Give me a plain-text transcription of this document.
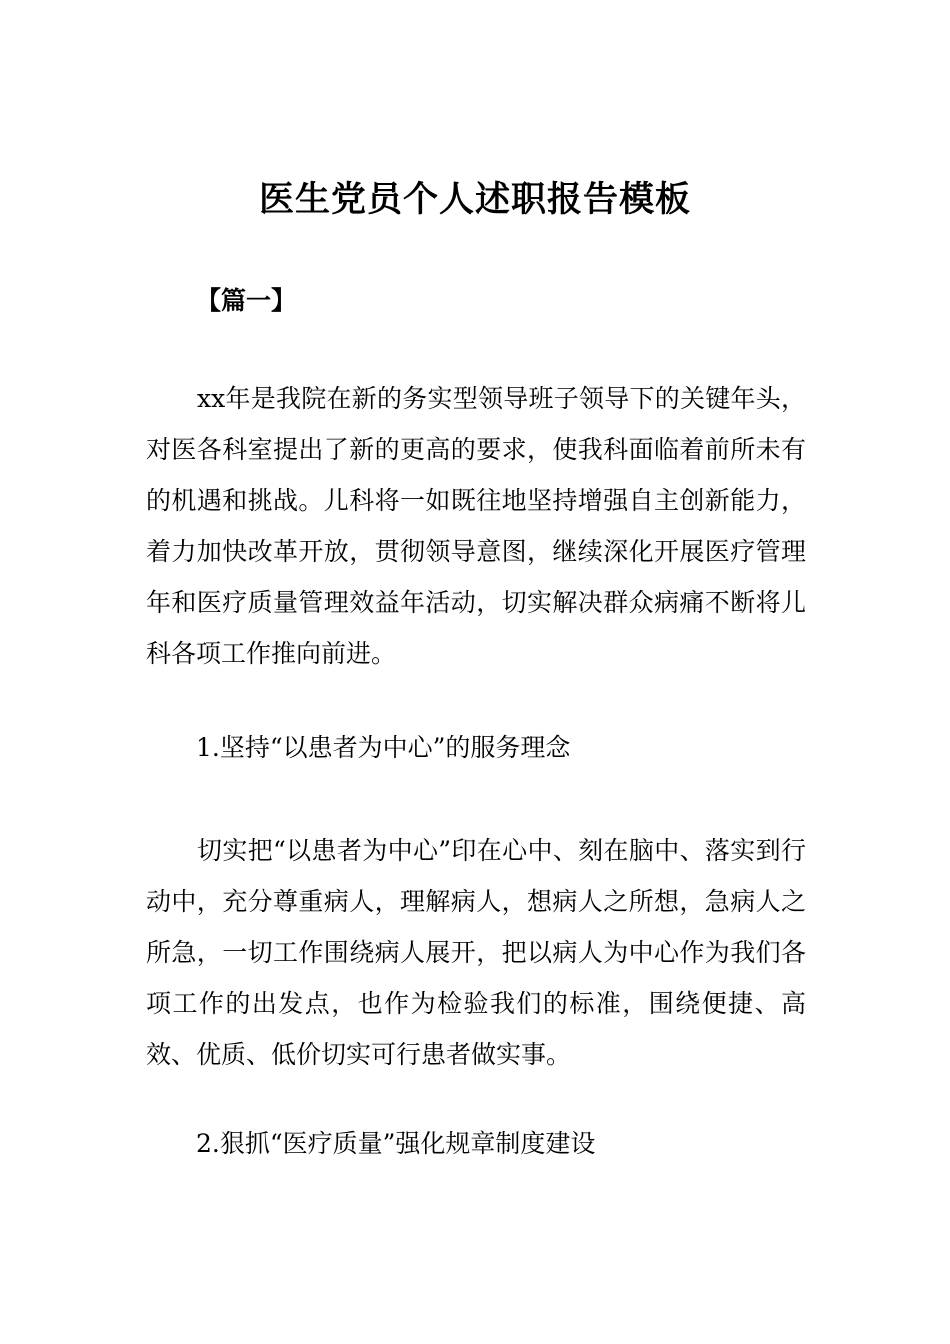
医生党员个人述职报告模板
【篇一】

xx年是我院在新的务实型领导班子领导下的关键年头，对医各科室提出了新的更高的要求，使我科面临着前所未有的机遇和挑战。儿科将一如既往地坚持增强自主创新能力，着力加快改革开放，贯彻领导意图，继续深化开展医疗管理年和医疗质量管理效益年活动，切实解决群众病痛不断将儿科各项工作推向前进。

1.坚持“以患者为中心”的服务理念

切实把“以患者为中心”印在心中、刻在脑中、落实到行动中，充分尊重病人，理解病人，想病人之所想，急病人之所急，一切工作围绕病人展开，把以病人为中心作为我们各项工作的出发点，也作为检验我们的标准，围绕便捷、高效、优质、低价切实可行患者做实事。

2.狠抓“医疗质量”强化规章制度建设
